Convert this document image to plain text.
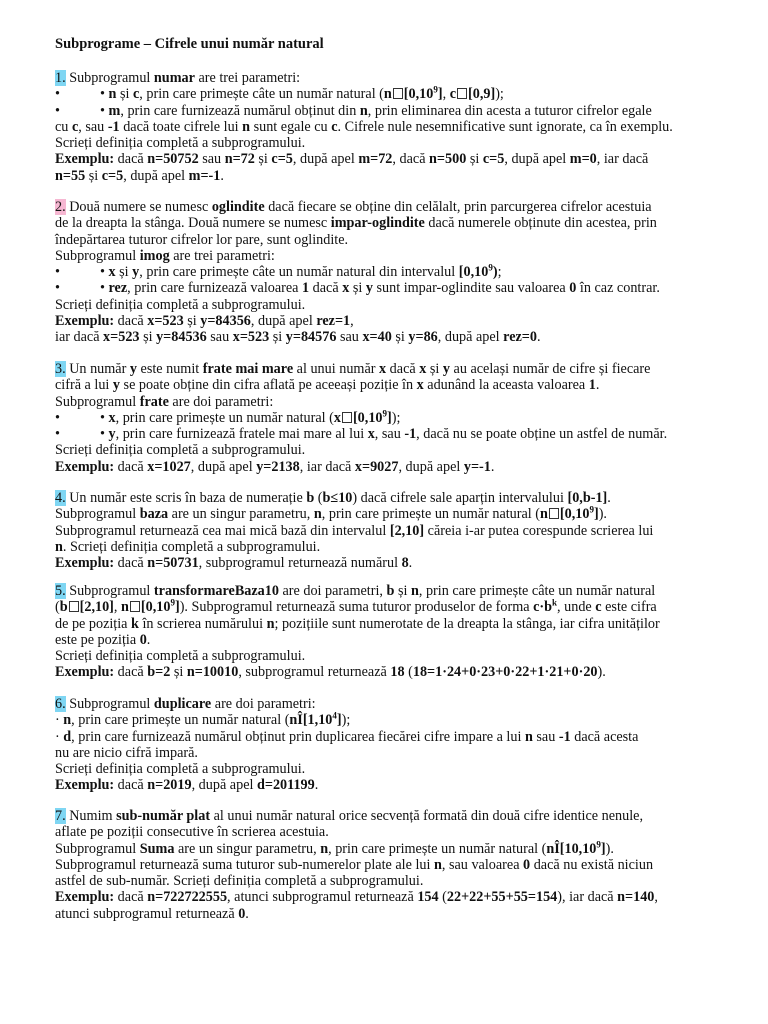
Subprograme – Cifrele unui număr natural

1. Subprogramul numar are trei parametri:

•	• n și c, prin care primește câte un număr natural (n [0,10$^9$], c [0,9]);

•	• m, prin care furnizează numărul obținut din n, prin eliminarea din acesta a tuturor cifrelor egale

cu c, sau -1 dacă toate cifrele lui n sunt egale cu c. Cifrele nule nesemnificative sunt ignorate, ca în exemplu.

Scrieți definiția completă a subprogramului.

Exemplu: dacă n=50752 sau n=72 și c=5, după apel m=72, dacă n=500 și c=5, după apel m=0, iar dacă

n=55 și c=5, după apel m=-1.

2. Două numere se numesc oglindite dacă fiecare se obține din celălalt, prin parcurgerea cifrelor acestuia

de la dreapta la stânga. Două numere se numesc impar-oglindite dacă numerele obținute din acestea, prin

îndepărtarea tuturor cifrelor lor pare, sunt oglindite.

Subprogramul imog are trei parametri:

•	• x și y, prin care primește câte un număr natural din intervalul [0,10$^9$);

•	• rez, prin care furnizează valoarea 1 dacă x și y sunt impar-oglindite sau valoarea 0 în caz contrar.

Scrieți definiția completă a subprogramului.

Exemplu: dacă x=523 și y=84356, după apel rez=1,

iar dacă x=523 și y=84536 sau x=523 și y=84576 sau x=40 și y=86, după apel rez=0.

3. Un număr y este numit frate mai mare al unui număr x dacă x și y au același număr de cifre și fiecare

cifră a lui y se poate obține din cifra aflată pe aceeași poziție în x adunând la aceasta valoarea 1.

Subprogramul frate are doi parametri:

•	• x, prin care primește un număr natural (x [0,10$^9$]);

•	• y, prin care furnizează fratele mai mare al lui x, sau -1, dacă nu se poate obține un astfel de număr.

Scrieți definiția completă a subprogramului.

Exemplu: dacă x=1027, după apel y=2138, iar dacă x=9027, după apel y=-1.

4. Un număr este scris în baza de numerație b (b≤10) dacă cifrele sale aparțin intervalului [0,b-1].

Subprogramul baza are un singur parametru, n, prin care primește un număr natural (n [0,10$^9$]).

Subprogramul returnează cea mai mică bază din intervalul [2,10] căreia i-ar putea corespunde scrierea lui

n. Scrieți definiția completă a subprogramului.

Exemplu: dacă n=50731, subprogramul returnează numărul 8.

5. Subprogramul transformareBaza10 are doi parametri, b și n, prin care primește câte un număr natural

(b [2,10], n [0,10$^9$]). Subprogramul returnează suma tuturor produselor de forma $c\cdot b^k$, unde c este cifra

de pe poziția k în scrierea numărului n; pozițiile sunt numerotate de la dreapta la stânga, iar cifra unităților

este pe poziția 0.

Scrieți definiția completă a subprogramului.

Exemplu: dacă b=2 și n=10010, subprogramul returnează 18 (18=1·24+0·23+0·22+1·21+0·20).

6. Subprogramul duplicare are doi parametri:

· n, prin care primește un număr natural (nÎ[1,10$^4$]);

· d, prin care furnizează numărul obținut prin duplicarea fiecărei cifre impare a lui n sau -1 dacă acesta

nu are nicio cifră impară.

Scrieți definiția completă a subprogramului.

Exemplu: dacă n=2019, după apel d=201199.

7. Numim sub-număr plat al unui număr natural orice secvență formată din două cifre identice nenule,

aflate pe poziții consecutive în scrierea acestuia.

Subprogramul Suma are un singur parametru, n, prin care primește un număr natural (nÎ[10,10$^9$]).

Subprogramul returnează suma tuturor sub-numerelor plate ale lui n, sau valoarea 0 dacă nu există niciun

astfel de sub-număr. Scrieți definiția completă a subprogramului.

Exemplu: dacă n=722722555, atunci subprogramul returnează 154 (22+22+55+55=154), iar dacă n=140,

atunci subprogramul returnează 0.
